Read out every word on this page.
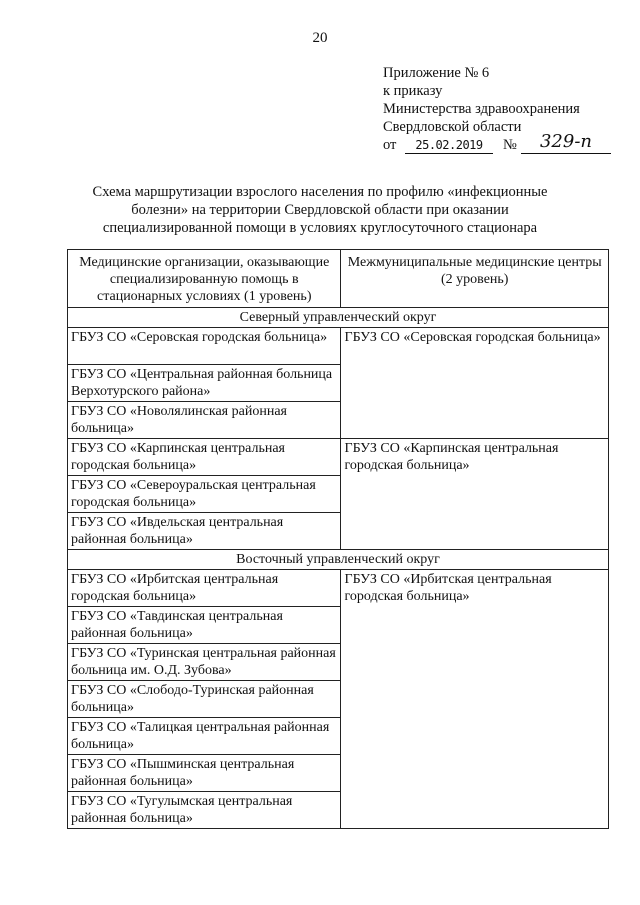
20
Приложение № 6
к приказу
Министерства здравоохранения
Свердловской области
от	25.02.2019	№	329-п
Схема маршрутизации взрослого населения по профилю «инфекционные болезни» на территории Свердловской области при оказании специализированной помощи в условиях круглосуточного стационара
Медицинские организации, оказывающие специализированную помощь в стационарных условиях (1 уровень)	Межмуниципальные медицинские центры (2 уровень)
Северный управленческий округ	
ГБУЗ СО «Серовская городская больница»	ГБУЗ СО «Серовская городская больница»
ГБУЗ СО «Центральная районная больница Верхотурского района»	
ГБУЗ СО «Новолялинская районная больница»	
ГБУЗ СО «Карпинская центральная городская больница»	ГБУЗ СО «Карпинская центральная городская больница»
ГБУЗ СО «Североуральская центральная городская больница»	
ГБУЗ СО «Ивдельская центральная районная больница»	
Восточный управленческий округ	
ГБУЗ СО «Ирбитская центральная городская больница»	ГБУЗ СО «Ирбитская центральная городская больница»
ГБУЗ СО «Тавдинская центральная районная больница»	
ГБУЗ СО «Туринская центральная районная больница им. О.Д. Зубова»	
ГБУЗ СО «Слободо-Туринская районная больница»	
ГБУЗ СО «Талицкая центральная районная больница»	
ГБУЗ СО «Пышминская центральная районная больница»	
ГБУЗ СО «Тугулымская центральная районная больница»	
